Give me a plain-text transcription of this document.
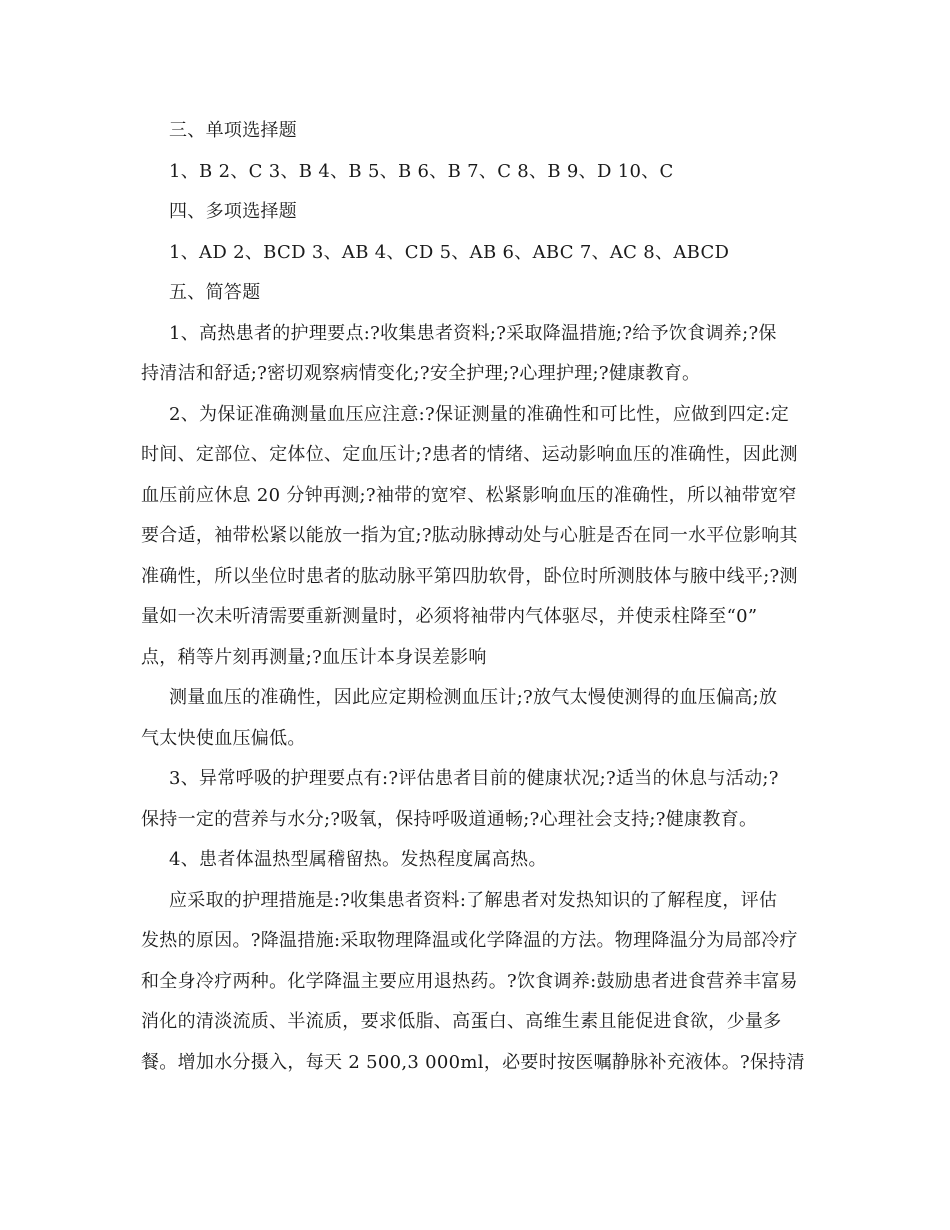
三、单项选择题
1、B 2、C 3、B 4、B 5、B 6、B 7、C 8、B 9、D 10、C
四、多项选择题
1、AD 2、BCD 3、AB 4、CD 5、AB 6、ABC 7、AC 8、ABCD
五、简答题
1、高热患者的护理要点:?收集患者资料;?采取降温措施;?给予饮食调养;?保
持清洁和舒适;?密切观察病情变化;?安全护理;?心理护理;?健康教育。
2、为保证准确测量血压应注意:?保证测量的准确性和可比性，应做到四定:定
时间、定部位、定体位、定血压计;?患者的情绪、运动影响血压的准确性，因此测
血压前应休息 20 分钟再测;?袖带的宽窄、松紧影响血压的准确性，所以袖带宽窄
要合适，袖带松紧以能放一指为宜;?肱动脉搏动处与心脏是否在同一水平位影响其
准确性，所以坐位时患者的肱动脉平第四肋软骨，卧位时所测肢体与腋中线平;?测
量如一次未听清需要重新测量时，必须将袖带内气体驱尽，并使汞柱降至“0”
点，稍等片刻再测量;?血压计本身误差影响
测量血压的准确性，因此应定期检测血压计;?放气太慢使测得的血压偏高;放
气太快使血压偏低。
3、异常呼吸的护理要点有:?评估患者目前的健康状况;?适当的休息与活动;?
保持一定的营养与水分;?吸氧，保持呼吸道通畅;?心理社会支持;?健康教育。
4、患者体温热型属稽留热。发热程度属高热。
应采取的护理措施是:?收集患者资料:了解患者对发热知识的了解程度，评估
发热的原因。?降温措施:采取物理降温或化学降温的方法。物理降温分为局部冷疗
和全身冷疗两种。化学降温主要应用退热药。?饮食调养:鼓励患者进食营养丰富易
消化的清淡流质、半流质，要求低脂、高蛋白、高维生素且能促进食欲，少量多
餐。增加水分摄入，每天 2 500,3 000ml，必要时按医嘱静脉补充液体。?保持清
